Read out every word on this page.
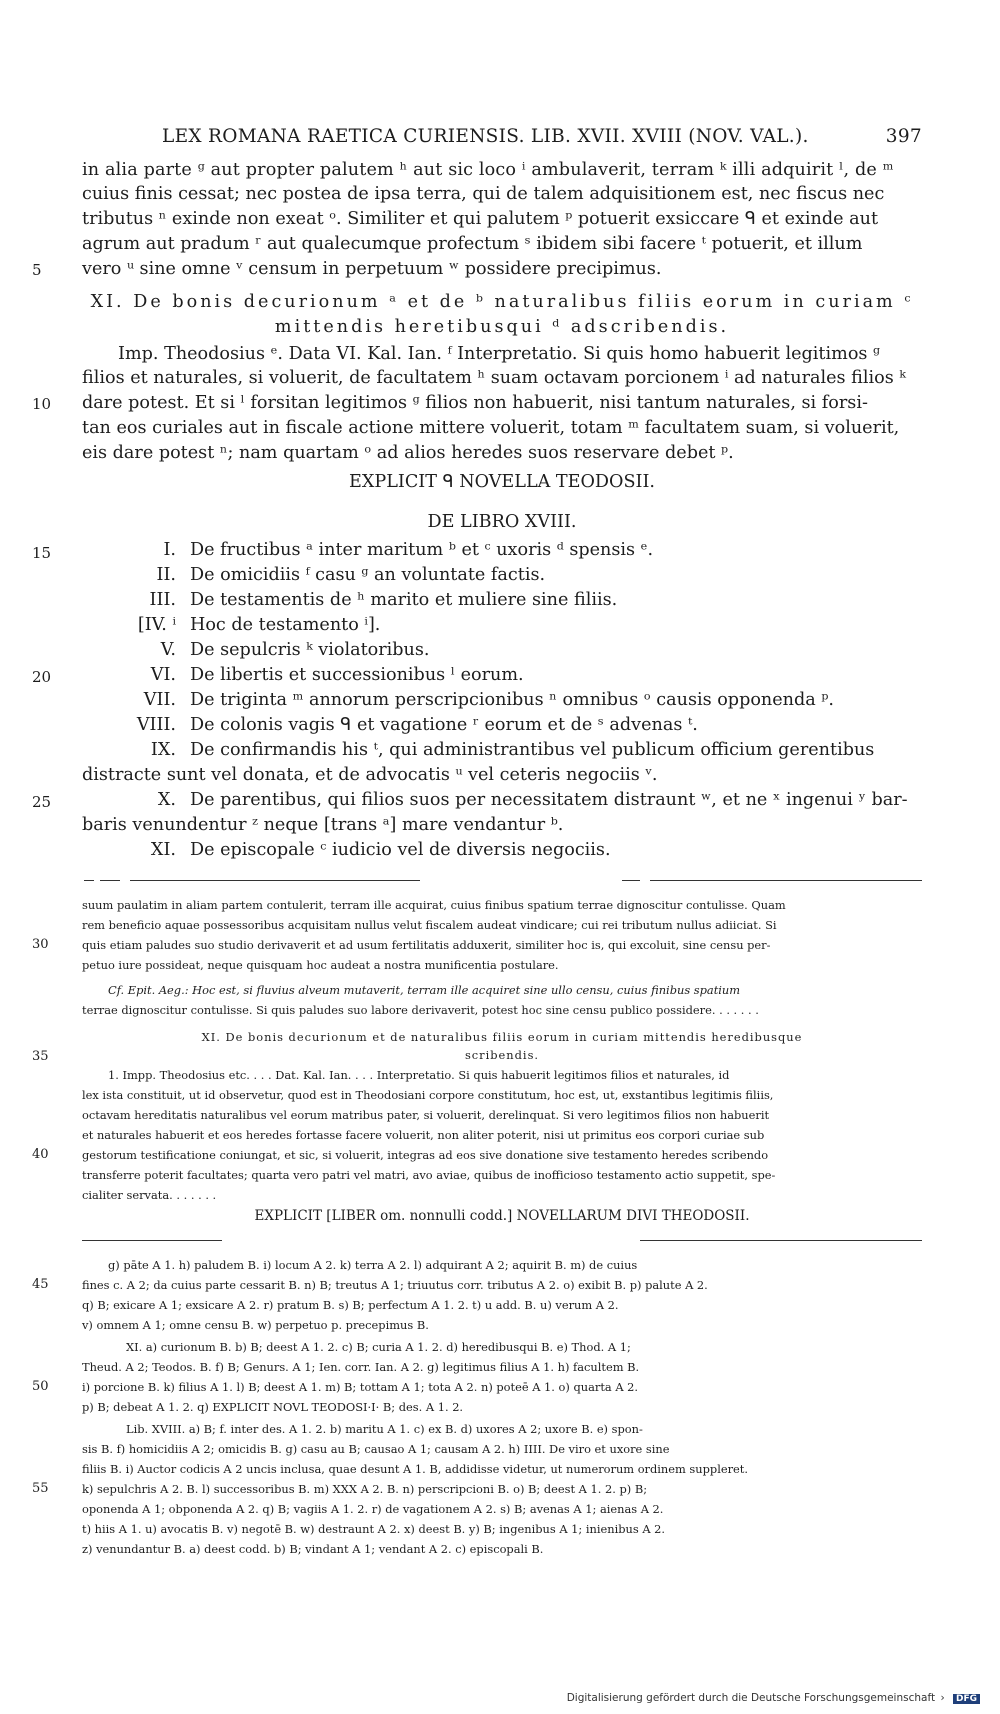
LEX ROMANA RAETICA CURIENSIS. LIB. XVII. XVIII (NOV. VAL.).	397
in alia parte ᵍ aut propter palutem ʰ aut sic loco ⁱ ambulaverit, terram ᵏ illi adquirit ˡ, de ᵐ
cuius finis cessat; nec postea de ipsa terra, qui de talem adquisitionem est, nec fiscus nec
tributus ⁿ exinde non exeat ᵒ. Similiter et qui palutem ᵖ potuerit exsiccare ᑫ et exinde aut
agrum aut pradum ʳ aut qualecumque profectum ˢ ibidem sibi facere ᵗ potuerit, et illum
vero ᵘ sine omne ᵛ censum in perpetuum ʷ possidere precipimus.
5
XI. De bonis decurionum ᵃ et de ᵇ naturalibus filiis eorum in curiam ᶜ
mittendis heretibusqui ᵈ adscribendis.
Imp. Theodosius ᵉ. Data VI. Kal. Ian. ᶠ Interpretatio. Si quis homo habuerit legitimos ᵍ
filios et naturales, si voluerit, de facultatem ʰ suam octavam porcionem ⁱ ad naturales filios ᵏ
dare potest. Et si ˡ forsitan legitimos ᵍ filios non habuerit, nisi tantum naturales, si forsi-
10
tan eos curiales aut in fiscale actione mittere voluerit, totam ᵐ facultatem suam, si voluerit,
eis dare potest ⁿ; nam quartam ᵒ ad alios heredes suos reservare debet ᵖ.
EXPLICIT ᑫ NOVELLA TEODOSII.
DE LIBRO XVIII.
15	I. De fructibus ᵃ inter maritum ᵇ et ᶜ uxoris ᵈ spensis ᵉ.
II. De omicidiis ᶠ casu ᵍ an voluntate factis.
III. De testamentis de ʰ marito et muliere sine filiis.
[IV. ⁱ Hoc de testamento ⁱ].
V. De sepulcris ᵏ violatoribus.
20	VI. De libertis et successionibus ˡ eorum.
VII. De triginta ᵐ annorum perscripcionibus ⁿ omnibus ᵒ causis opponenda ᵖ.
VIII. De colonis vagis ᑫ et vagatione ʳ eorum et de ˢ advenas ᵗ.
IX. De confirmandis his ᵗ, qui administrantibus vel publicum officium gerentibus
distracte sunt vel donata, et de advocatis ᵘ vel ceteris negociis ᵛ.
25	X. De parentibus, qui filios suos per necessitatem distraunt ʷ, et ne ˣ ingenui ʸ bar-
baris venundentur ᶻ neque [trans ᵃ] mare vendantur ᵇ.
XI. De episcopale ᶜ iudicio vel de diversis negociis.
suum paulatim in aliam partem contulerit, terram ille acquirat, cuius finibus spatium terrae dignoscitur contulisse. Quam
rem beneficio aquae possessoribus acquisitam nullus velut fiscalem audeat vindicare; cui rei tributum nullus adiiciat. Si
30	quis etiam paludes suo studio derivaverit et ad usum fertilitatis adduxerit, similiter hoc is, qui excoluit, sine censu per-
petuo iure possideat, neque quisquam hoc audeat a nostra munificentia postulare.
Cf. Epit. Aeg.: Hoc est, si fluvius alveum mutaverit, terram ille acquiret sine ullo censu, cuius finibus spatium
terrae dignoscitur contulisse. Si quis paludes suo labore derivaverit, potest hoc sine censu publico possidere. . . . . . .
XI. De bonis decurionum et de naturalibus filiis eorum in curiam mittendis heredibusque
35	scribendis.
1. Impp. Theodosius etc. . . . Dat. Kal. Ian. . . . Interpretatio. Si quis habuerit legitimos filios et naturales, id
lex ista constituit, ut id observetur, quod est in Theodosiani corpore constitutum, hoc est, ut, exstantibus legitimis filiis,
octavam hereditatis naturalibus vel eorum matribus pater, si voluerit, derelinquat. Si vero legitimos filios non habuerit
et naturales habuerit et eos heredes fortasse facere voluerit, non aliter poterit, nisi ut primitus eos corpori curiae sub
40	gestorum testificatione coniungat, et sic, si voluerit, integras ad eos sive donatione sive testamento heredes scribendo
transferre poterit facultates; quarta vero patri vel matri, avo aviae, quibus de inofficioso testamento actio suppetit, spe-
cialiter servata. . . . . . .
EXPLICIT [LIBER om. nonnulli codd.] NOVELLARUM DIVI THEODOSII.
g) pāte A 1. h) paludem B. i) locum A 2. k) terra A 2. l) adquirant A 2; aquirit B. m) de cuius
45	fines c. A 2; da cuius parte cessarit B. n) B; treutus A 1; triuutus corr. tributus A 2. o) exibit B. p) palute A 2.
q) B; exicare A 1; exsicare A 2. r) pratum B. s) B; perfectum A 1. 2. t) u add. B. u) verum A 2.
v) omnem A 1; omne censu B. w) perpetuo p. precepimus B.
XI. a) curionum B. b) B; deest A 1. 2. c) B; curia A 1. 2. d) heredibusqui B. e) Thod. A 1;
Theud. A 2; Teodos. B. f) B; Genurs. A 1; Ien. corr. Ian. A 2. g) legitimus filius A 1. h) facultem B.
50	i) porcione B. k) filius A 1. l) B; deest A 1. m) B; tottam A 1; tota A 2. n) poteē A 1. o) quarta A 2.
p) B; debeat A 1. 2. q) EXPLICIT NOVL TEODOSI·I· B; des. A 1. 2.
Lib. XVIII. a) B; f. inter des. A 1. 2. b) maritu A 1. c) ex B. d) uxores A 2; uxore B. e) spon-
sis B. f) homicidiis A 2; omicidis B. g) casu au B; causao A 1; causam A 2. h) IIII. De viro et uxore sine
filiis B. i) Auctor codicis A 2 uncis inclusa, quae desunt A 1. B, addidisse videtur, ut numerorum ordinem suppleret.
55	k) sepulchris A 2. B. l) successoribus B. m) XXX A 2. B. n) perscripcioni B. o) B; deest A 1. 2. p) B;
oponenda A 1; obponenda A 2. q) B; vagiis A 1. 2. r) de vagationem A 2. s) B; avenas A 1; aienas A 2.
t) hiis A 1. u) avocatis B. v) negotē B. w) destraunt A 2. x) deest B. y) B; ingenibus A 1; inienibus A 2.
z) venundantur B. a) deest codd. b) B; vindant A 1; vendant A 2. c) episcopali B.
Digitalisierung gefördert durch die Deutsche Forschungsgemeinschaft › DFG
